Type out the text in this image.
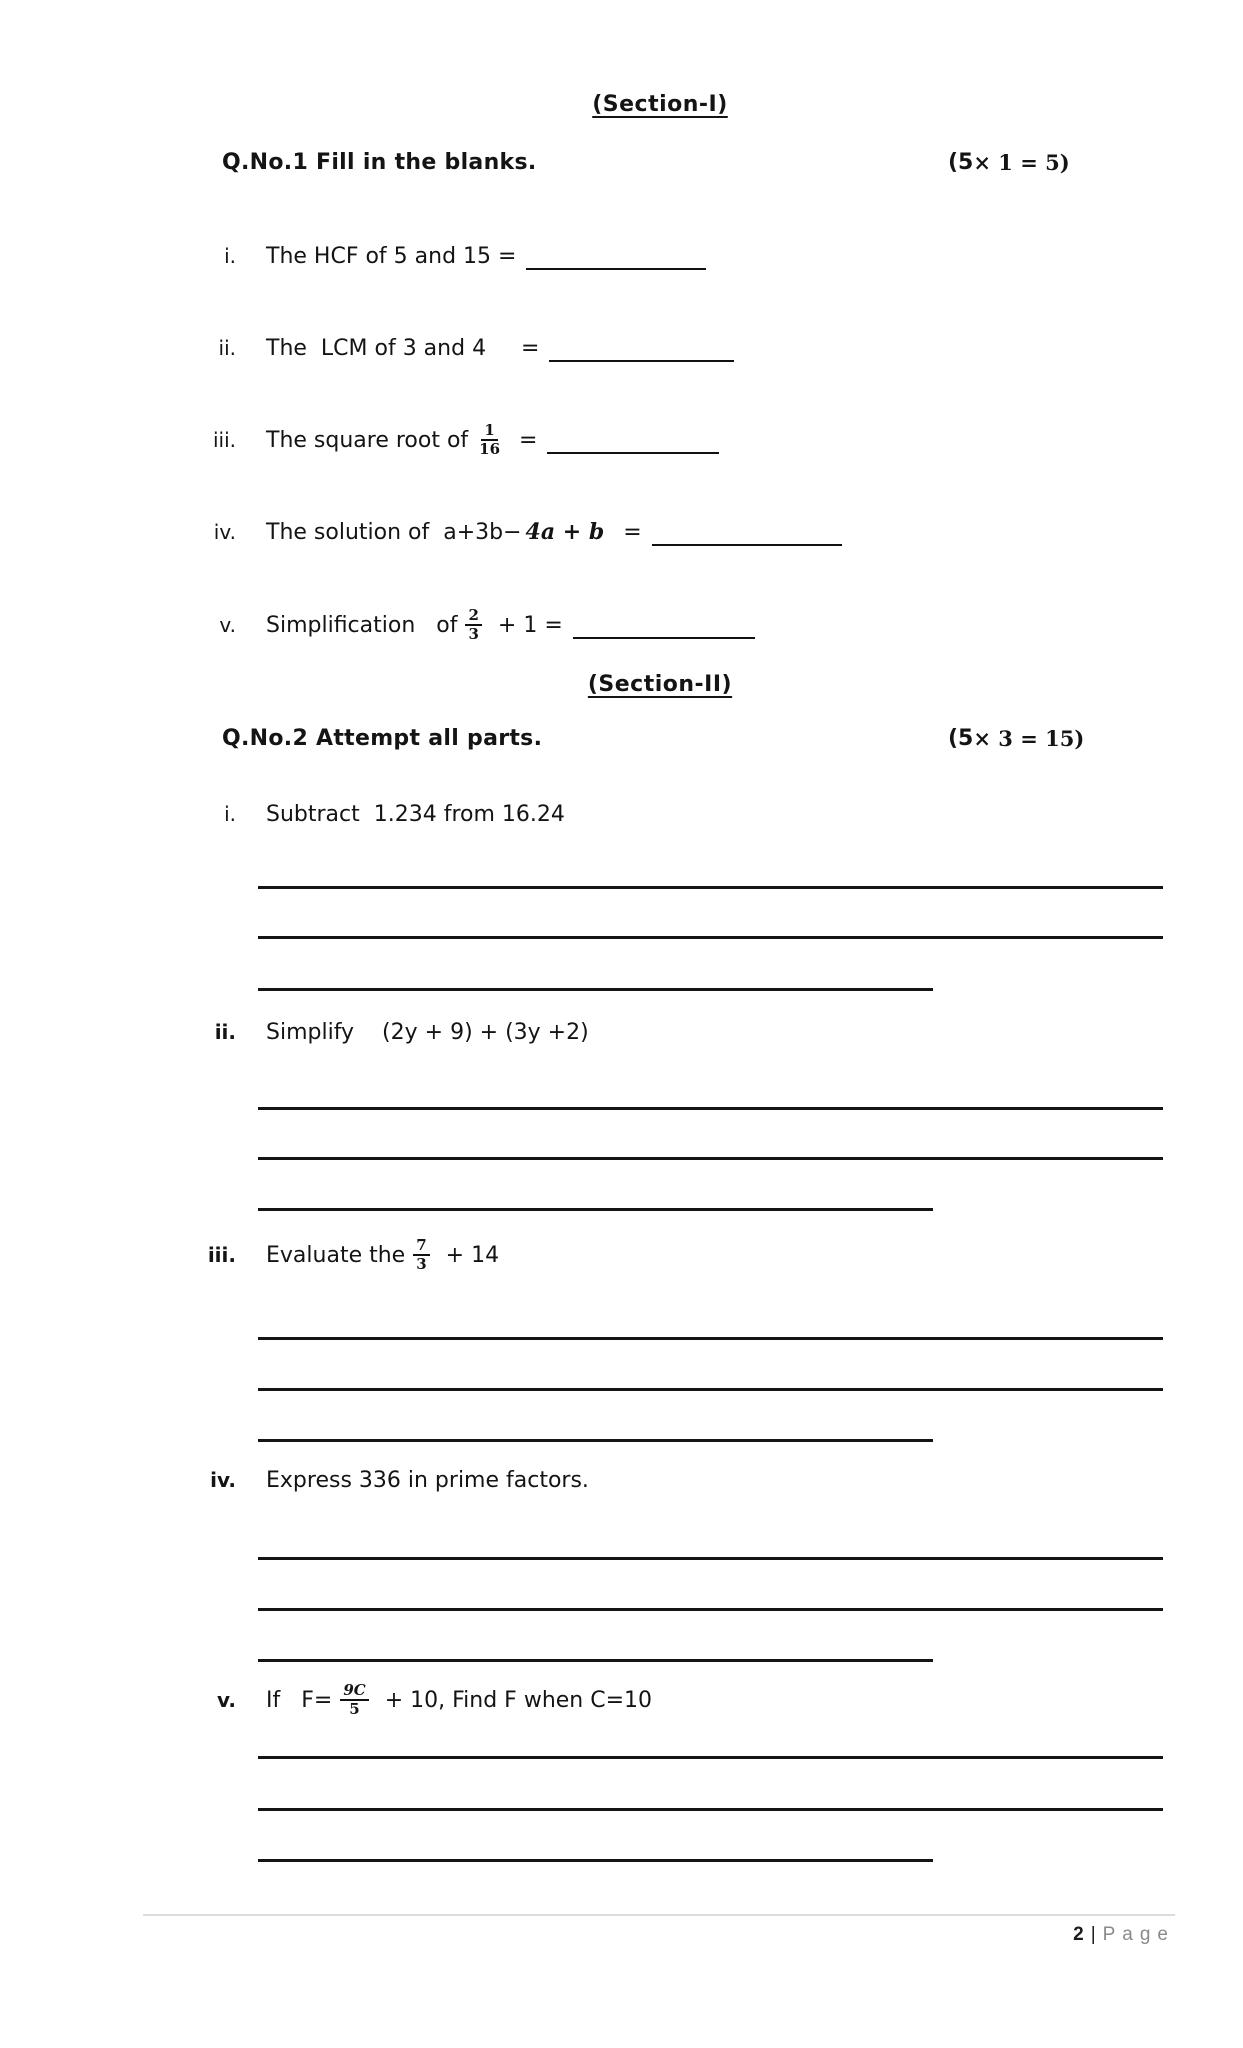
(Section-I)
Q.No.1 Fill in the blanks.	(5 × 1 = 5)
i. The HCF of 5 and 15 =
ii. The  LCM of 3 and 4     =
iii. The square root of $\frac{1}{16}$ =
iv. The solution of  a+3b− 4a + b =
v. Simplification   of $\frac{2}{3} + 1$ =
(Section-II)
Q.No.2 Attempt all parts.	(5 × 3 = 15)
i. Subtract  1.234 from 16.24
ii. Simplify    (2y + 9) + (3y +2)
iii. Evaluate the $\frac{7}{3} + 14$
iv. Express 336 in prime factors.
v. If   $F= \frac{9C}{5} + 10$, Find F when C=10
2 | Page
